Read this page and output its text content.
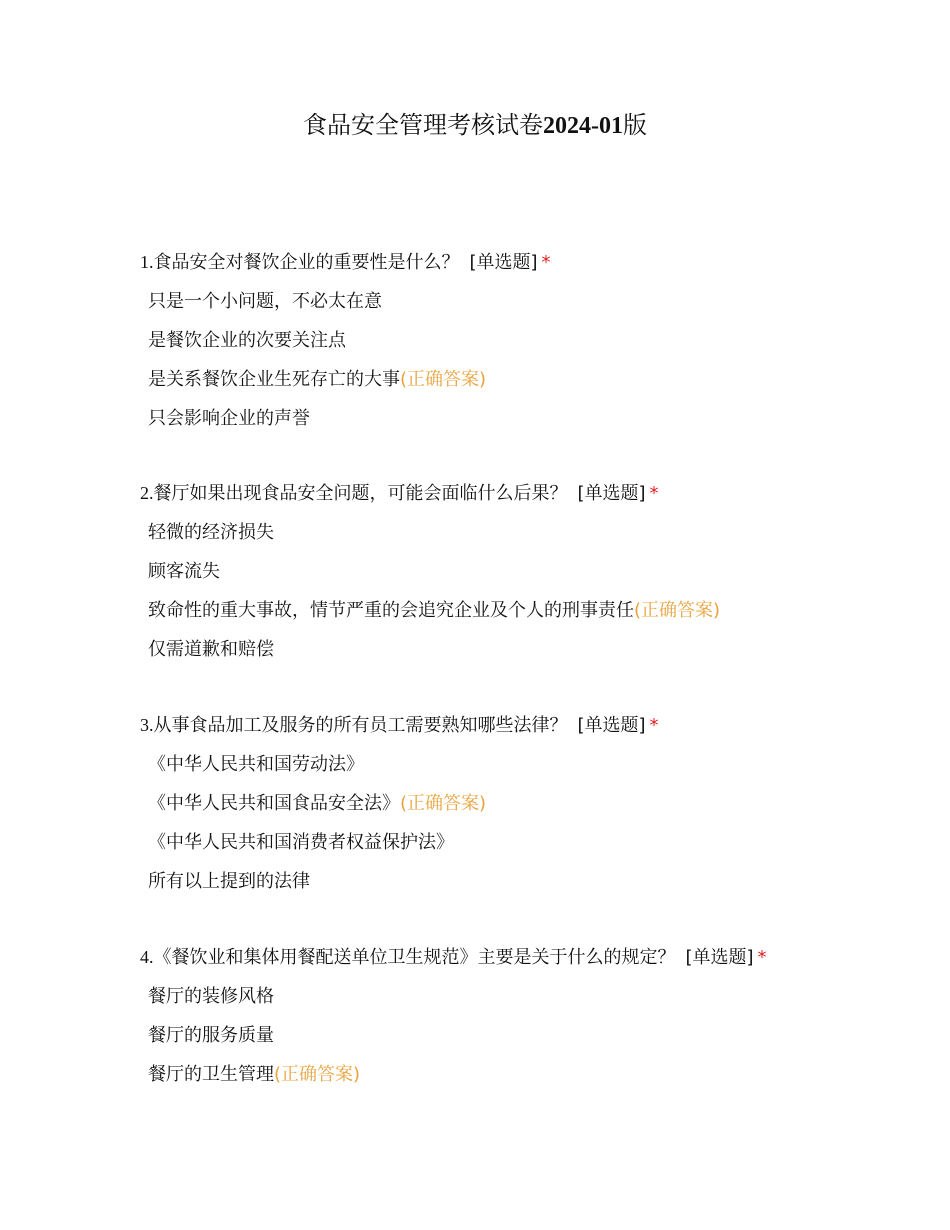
食品安全管理考核试卷2024-01版
1.食品安全对餐饮企业的重要性是什么？ [单选题] *
只是一个小问题，不必太在意
是餐饮企业的次要关注点
是关系餐饮企业生死存亡的大事(正确答案)
只会影响企业的声誉
2.餐厅如果出现食品安全问题，可能会面临什么后果？ [单选题] *
轻微的经济损失
顾客流失
致命性的重大事故，情节严重的会追究企业及个人的刑事责任(正确答案)
仅需道歉和赔偿
3.从事食品加工及服务的所有员工需要熟知哪些法律？ [单选题] *
《中华人民共和国劳动法》
《中华人民共和国食品安全法》(正确答案)
《中华人民共和国消费者权益保护法》
所有以上提到的法律
4.《餐饮业和集体用餐配送单位卫生规范》主要是关于什么的规定？ [单选题] *
餐厅的装修风格
餐厅的服务质量
餐厅的卫生管理(正确答案)
